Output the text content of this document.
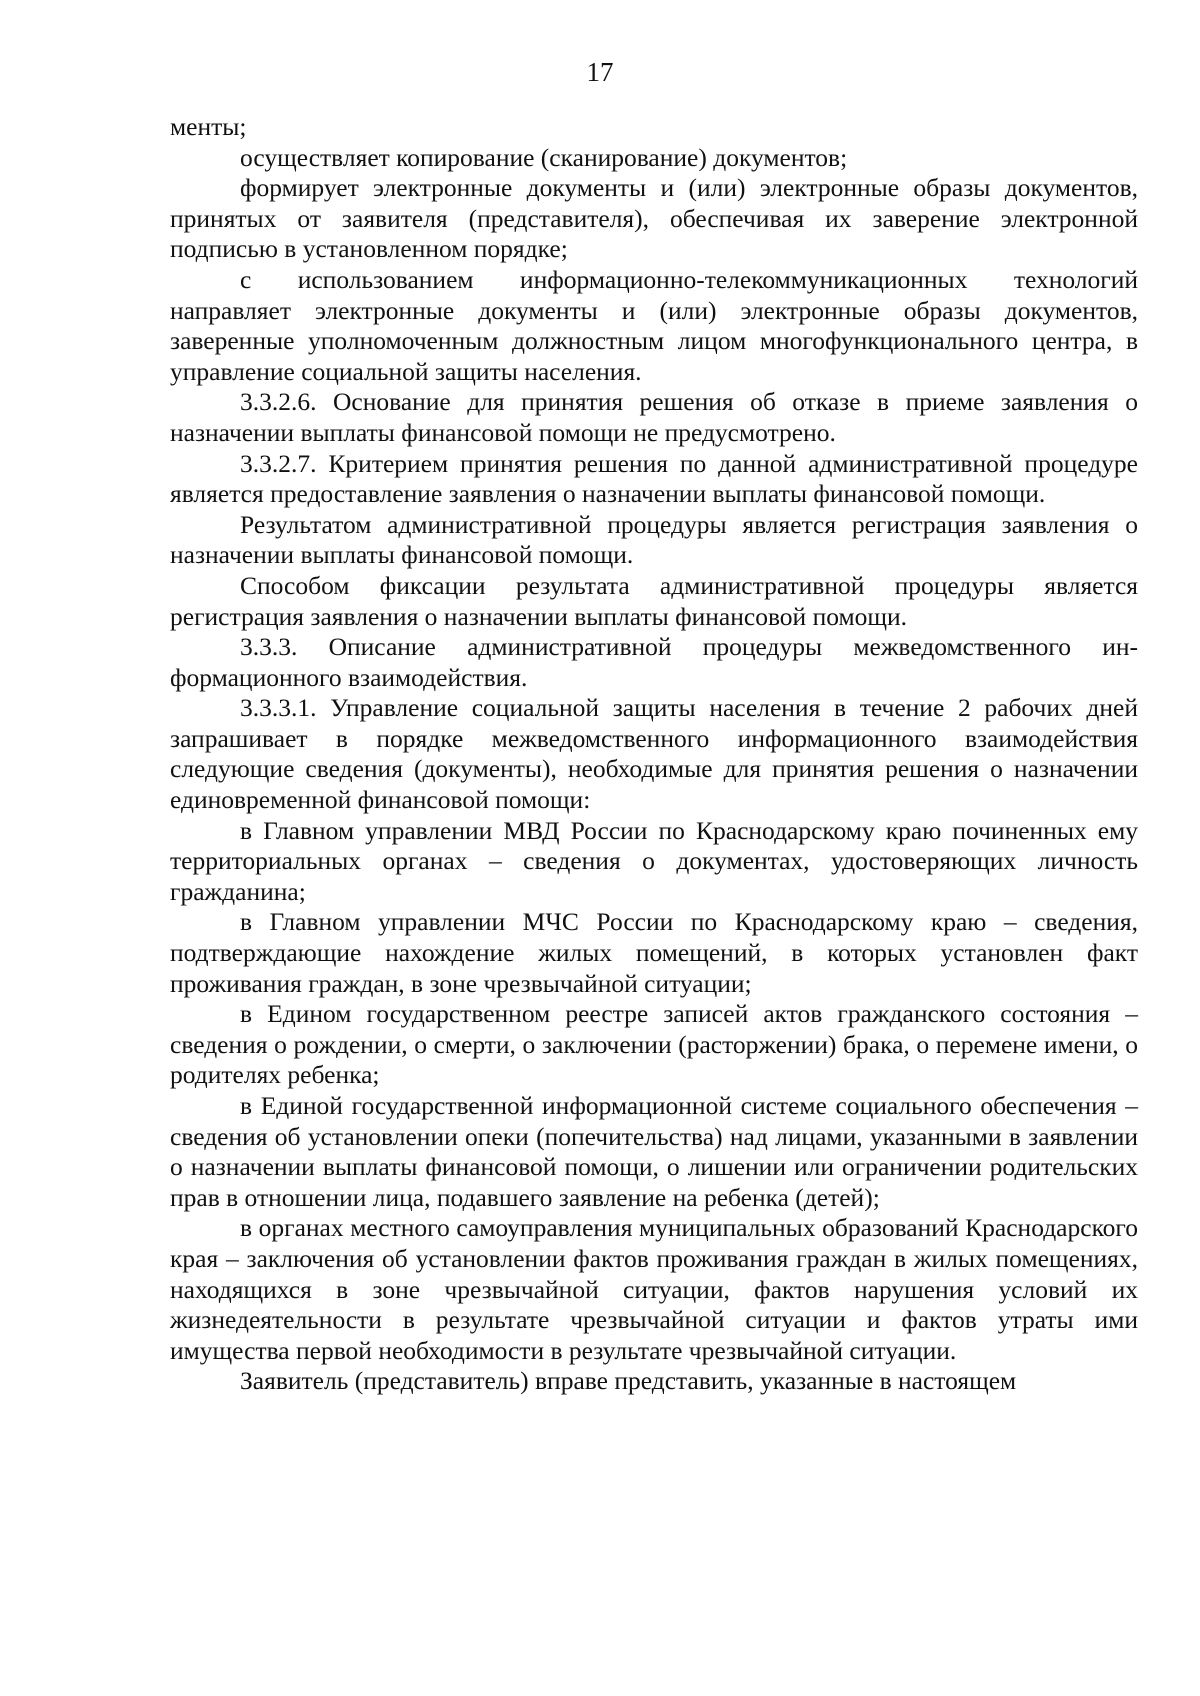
17

менты;

осуществляет копирование (сканирование) документов;

формирует электронные документы и (или) электронные образы документов, принятых от заявителя (представителя), обеспечивая их заверение электронной подписью в установленном порядке;

с использованием информационно-телекоммуникационных технологий направляет электронные документы и (или) электронные образы документов, заверенные уполномоченным должностным лицом многофункционального центра, в управление социальной защиты населения.

3.3.2.6. Основание для принятия решения об отказе в приеме заявления о назначении выплаты финансовой помощи не предусмотрено.

3.3.2.7. Критерием принятия решения по данной административной процедуре является предоставление заявления о назначении выплаты финансовой помощи.

Результатом административной процедуры является регистрация заявления о назначении выплаты финансовой помощи.

Способом фиксации результата административной процедуры является регистрация заявления о назначении выплаты финансовой помощи.

3.3.3. Описание административной процедуры межведомственного информационного взаимодействия.

3.3.3.1. Управление социальной защиты населения в течение 2 рабочих дней запрашивает в порядке межведомственного информационного взаимодействия следующие сведения (документы), необходимые для принятия решения о назначении единовременной финансовой помощи:

в Главном управлении МВД России по Краснодарскому краю починенных ему территориальных органах – сведения о документах, удостоверяющих личность гражданина;

в Главном управлении МЧС России по Краснодарскому краю – сведения, подтверждающие нахождение жилых помещений, в которых установлен факт проживания граждан, в зоне чрезвычайной ситуации;

в Едином государственном реестре записей актов гражданского состояния – сведения о рождении, о смерти, о заключении (расторжении) брака, о перемене имени, о родителях ребенка;

в Единой государственной информационной системе социального обеспечения – сведения об установлении опеки (попечительства) над лицами, указанными в заявлении о назначении выплаты финансовой помощи, о лишении или ограничении родительских прав в отношении лица, подавшего заявление на ребенка (детей);

в органах местного самоуправления муниципальных образований Краснодарского края – заключения об установлении фактов проживания граждан в жилых помещениях, находящихся в зоне чрезвычайной ситуации, фактов нарушения условий их жизнедеятельности в результате чрезвычайной ситуации и фактов утраты ими имущества первой необходимости в результате чрезвычайной ситуации.

Заявитель (представитель) вправе представить, указанные в настоящем
